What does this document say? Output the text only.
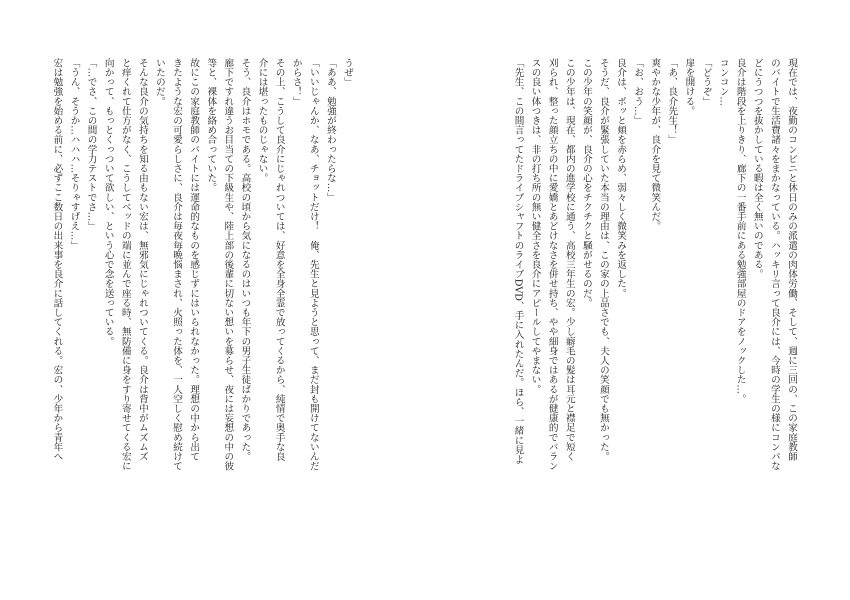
現在では、夜勤のコンビニと休日のみの派遣の肉体労働、そして、週に三回の、この家庭教師
のバイトで生活費諸々をまかなっている。ハッキリ言って良介には、今時の学生の様にコンパな
どにうつつを抜かしている暇は全く無いのである。
良介は階段を上りきり、廊下の一番手前にある勉強部屋のドアをノックした…。
コンコン…
「どうぞ」
扉を開ける。
「あ、良介先生！」
爽やかな少年が、良介を見て微笑んだ。
「お、おう…」
良介は、ポッと頬を赤らめ、弱々しく微笑みを返した。
そうだ、良介が緊張していた本当の理由は、この家の上品さでも、夫人の笑顔でも無かった。
この少年の笑顔が、良介の心をチクチクと騒がせるのだ。
この少年は、現在、都内の進学校に通う、高校三年生の宏。少し癖毛の髪は耳元と襟足で短く
刈られ、整った顔立ちの中に愛嬌とあどけなさを併せ持ち、やや細身ではあるが健康的でバラン
スの良い体つきは、非の打ち所の無い健全さを良介にアピールしてやまない。
「先生、この間言ってたドライブシャフトのライブDVD、手に入れたんだ。ほら、一緒に見よ
うぜ」
「ああ、勉強が終わったらな…」
「いいじゃんか、なあ、チョットだけ！　俺、先生と見ようと思って、まだ封も開けてないんだ
からさ！」
その上、こうして良介にじゃれついては、好意を全身全霊で放ってくるから、純情で奥手な良
介には堪ったものじゃない。
そう、良介はホモである。高校の頃から気になるのはいつも年下の男子生徒ばかりであった。
廊下ですれ違うお目当ての下級生や、陸上部の後輩に切ない想いを募らせ、夜には妄想の中の彼
等と、裸体を絡め合っていた。
故にこの家庭教師のバイトには運命的なものを感じずにはいられなかった。理想の中から出て
きたような宏の可愛らしさに、良介は毎夜毎晩悩まされ、火照った体を、一人空しく慰め続けて
いたのだ。
そんな良介の気持ちを知る由もない宏は、無邪気にじゃれついてくる。良介は背中がムズムズ
と痒くれて仕方がなく、こうしてベッドの端に並んで座る時、無防備に身をすり寄せてくる宏に
向かって、もっとくっついて欲しい、という心で念を送っている。
「…でさ、この間の学力テストでさ…」
「うん、そうか…ハハハ…そりゃすげえ…」
宏は勉強を始める前に、必ずここ数日の出来事を良介に話してくれる。宏の、少年から青年へ
